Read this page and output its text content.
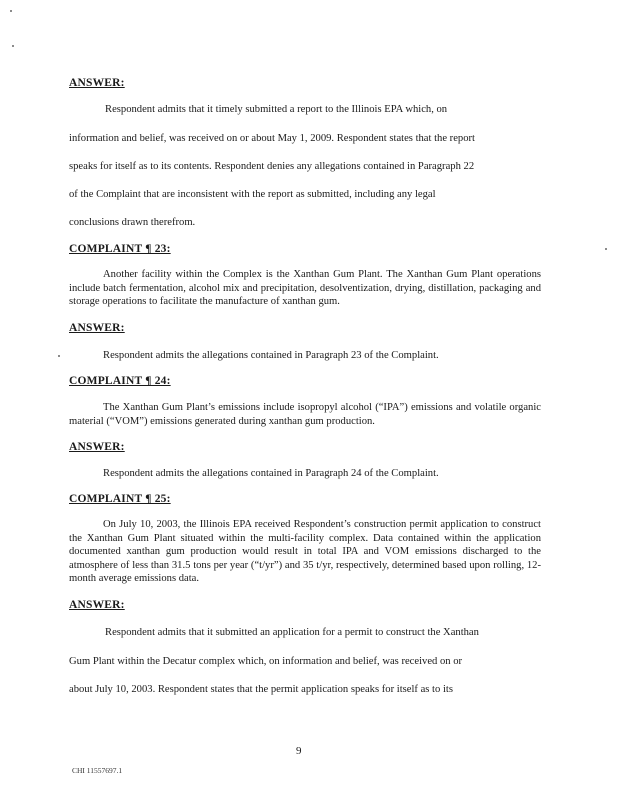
ANSWER:
Respondent admits that it timely submitted a report to the Illinois EPA which, on
information and belief, was received on or about May 1, 2009. Respondent states that the report
speaks for itself as to its contents. Respondent denies any allegations contained in Paragraph 22
of the Complaint that are inconsistent with the report as submitted, including any legal
conclusions drawn therefrom.
COMPLAINT ¶ 23:
Another facility within the Complex is the Xanthan Gum Plant. The Xanthan Gum Plant operations include batch fermentation, alcohol mix and precipitation, desolventization, drying, distillation, packaging and storage operations to facilitate the manufacture of xanthan gum.
ANSWER:
Respondent admits the allegations contained in Paragraph 23 of the Complaint.
COMPLAINT ¶ 24:
The Xanthan Gum Plant’s emissions include isopropyl alcohol (“IPA”) emissions and volatile organic material (“VOM”) emissions generated during xanthan gum production.
ANSWER:
Respondent admits the allegations contained in Paragraph 24 of the Complaint.
COMPLAINT ¶ 25:
On July 10, 2003, the Illinois EPA received Respondent’s construction permit application to construct the Xanthan Gum Plant situated within the multi-facility complex. Data contained within the application documented xanthan gum production would result in total IPA and VOM emissions discharged to the atmosphere of less than 31.5 tons per year (“t/yr”) and 35 t/yr, respectively, determined based upon rolling, 12-month average emissions data.
ANSWER:
Respondent admits that it submitted an application for a permit to construct the Xanthan
Gum Plant within the Decatur complex which, on information and belief, was received on or
about July 10, 2003. Respondent states that the permit application speaks for itself as to its
9
CHI 11557697.1
